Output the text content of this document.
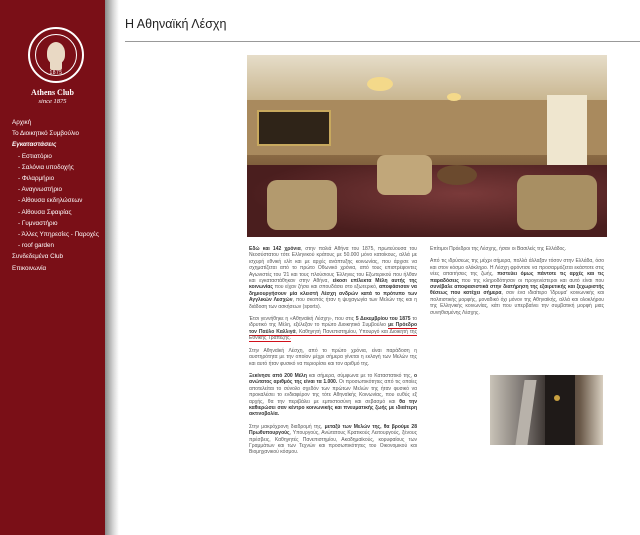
1875
Athens Club
since 1875
Αρχική
Το Διοικητικό Συμβούλιο
Εγκαταστάσεις
- Εστιατόριο
- Σαλόνια υποδοχής
- Φιλαρμήριο
- Αναγνωστήριο
- Αίθουσα εκδηλώσεων
- Αίθουσα Σφαιρίας
- Γυμναστήριο
- Άλλες Υπηρεσίες - Παροχές
- roof garden
Συνδεδεμένα Club
Επικοινωνία
Η Αθηναϊκή Λέσχη

Εδώ και 142 χρόνια, στην παλιά Αθήνα του 1875, πρωτεύουσα του Νεοσύστατου τότε Ελληνικού κράτους με 50.000 μόνο κατοίκους, αλλά με ισχυρή εθνική ελίτ και με αρχές ανάπτυξης κοινωνίας, που άρχισε να σχηματίζεται από το πρώτο Οθωνικό χρόνια, από τους επιστρέφοντες Αγωνιστές του '21 και τους πλούσιους Έλληνες του Εξωτερικού που ήλθαν και εγκαταστάθηκαν στην Αθήνα, είκοσι επίλεκτα Μέλη αυτής της κοινωνίας που είχαν ζήσει και σπουδάσει στο εξωτερικό, αποφάσισαν να δημιουργήσουν μία κλειστή Λέσχη ανδρών κατά το πρότυπο των Αγγλικών Λεσχών, που σκοπός ήταν η ψυχαγωγία των Μελών της και η διάδοση των ασκήσεων (sports).

Έτσι γεννήθηκε η «Αθηναϊκή Λέσχη», που στις 5 Δεκεμβρίου του 1875 το ιδρυτικό της Μέλη, εξέλεξαν το πρώτο Διοικητικό Συμβούλιο με Πρόεδρο τον Παύλο Καλλιγά, Καθηγητή Πανεπιστημίου, Υπουργό και Διοικητή της Εθνικής Τραπέζης.

Στην Αθηναϊκή Λέσχη, από το πρώτο χρόνια, είναι παράδοση η αυστηρότητα με την οποίον μέχρι σήμερα γίνεται η εκλογή των Μελών της και αυτό ήταν φυσικό να περιορίσει και τον αριθμό της.

Ξεκίνησε από 200 Μέλη και σήμερα, σύμφωνα με το Καταστατικό της, ο ανώτατος αριθμός της είναι τα 1.000. Οι προσωπικότητες από τις οποίες αποτελείται το σύνολο σχεδόν των πρώτων Μελών της ήταν φυσικό να προκαλέσει το ενδιαφέρον της τότε Αθηναϊκής Κοινωνίας, που ευθύς εξ αρχής, θα την περιβάλει με εμπιστοσύνη και σεβασμό και θα την καθιερώσει σαν κέντρο κοινωνικής και πνευματικής ζωής με ιδιαίτερη ακτινοβολία.

Στην μακρόχρονη διαδρομή της, μεταξύ των Μελών της, θα βρούμε 28 Πρωθυπουργούς, Υπουργούς, Ανώτατους Κρατικούς Λειτουργούς, ξένους πρέσβεις, Καθηγητές Πανεπιστημίου, Ακαδημαϊκούς, κορυφαίους των Γραμμάτων και των Τεχνών και προσωπικότητες του Οικονομικού και Βιομηχανικού κόσμου.

Επίτιμοι Πρόεδροι της Λέσχης, ήσαν οι Βασιλείς της Ελλάδος.

Από τις ιδρύσεως της μέχρι σήμερα, πολλά άλλαξαν τόσον στην Ελλάδα, όσο και στον κόσμο ολόκληρο. Η Λέσχη φρόντισε να προσαρμόζεται εκάστοτε στις νέες απαιτήσεις της ζωής, πιστεύει όμως πάντοτε τις αρχές και τις παραδόσεις που της κληροδότησαν οι προγενέστεροι και αυτό είναι που συνέβαλε αποφασιστικά στην διατήρηση της εξαιρετικής και ξεχωριστής θέσεως που κατέχει σήμερα, σαν ένα ιδιαίτερο 'ίδρυμα' κοινωνικής και πολιτιστικής μορφής, μοναδικό όχι μόνον της Αθηναϊκής, αλλά και ολοκλήρου της Ελληνικής κοινωνίας, κάτι που υπερβαίνει την συμβατική μορφή μιας συνηθισμένης Λέσχης.
